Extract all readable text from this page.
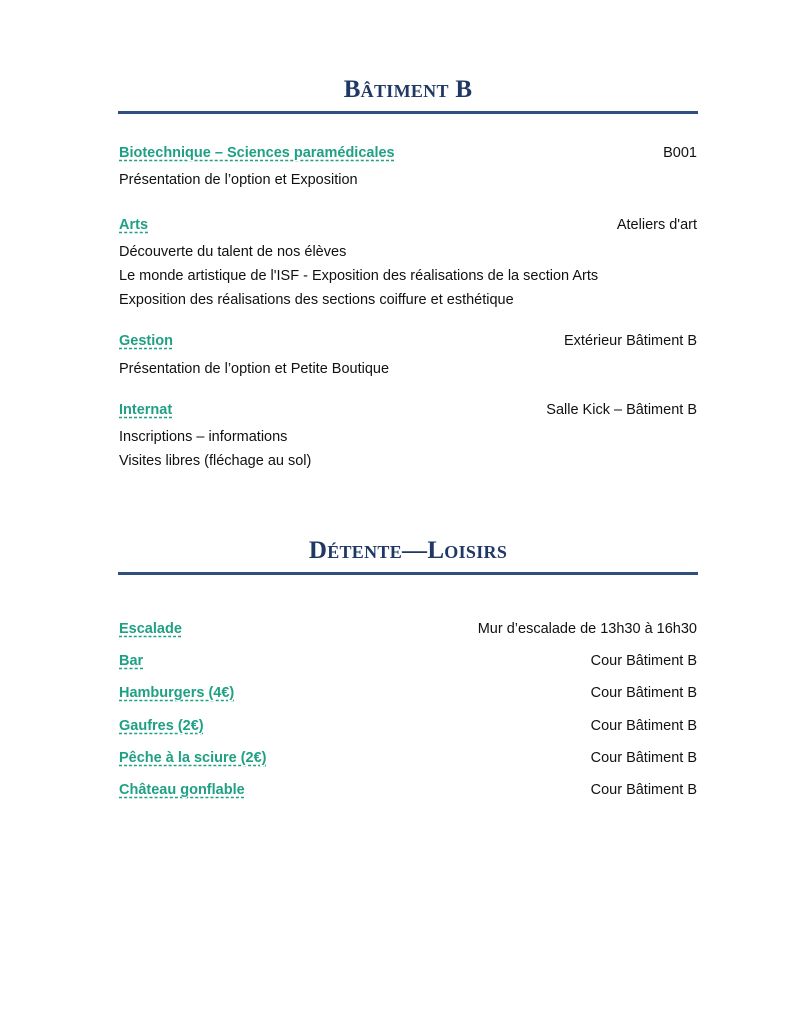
Bâtiment B
Biotechnique – Sciences paramédicales	B001
Présentation de l’option et Exposition
Arts	Ateliers d'art
Découverte du talent de nos élèves
Le monde artistique de l'ISF - Exposition des réalisations de la section Arts
Exposition des réalisations des sections coiffure et esthétique
Gestion	Extérieur Bâtiment B
Présentation de l’option et Petite Boutique
Internat	Salle Kick – Bâtiment B
Inscriptions – informations
Visites libres (fléchage au sol)
Détente—Loisirs
Escalade	Mur d’escalade de 13h30 à 16h30
Bar	Cour Bâtiment B
Hamburgers (4€)	Cour Bâtiment B
Gaufres (2€)	Cour Bâtiment B
Pêche à la sciure (2€)	Cour Bâtiment B
Château gonflable	Cour Bâtiment B
